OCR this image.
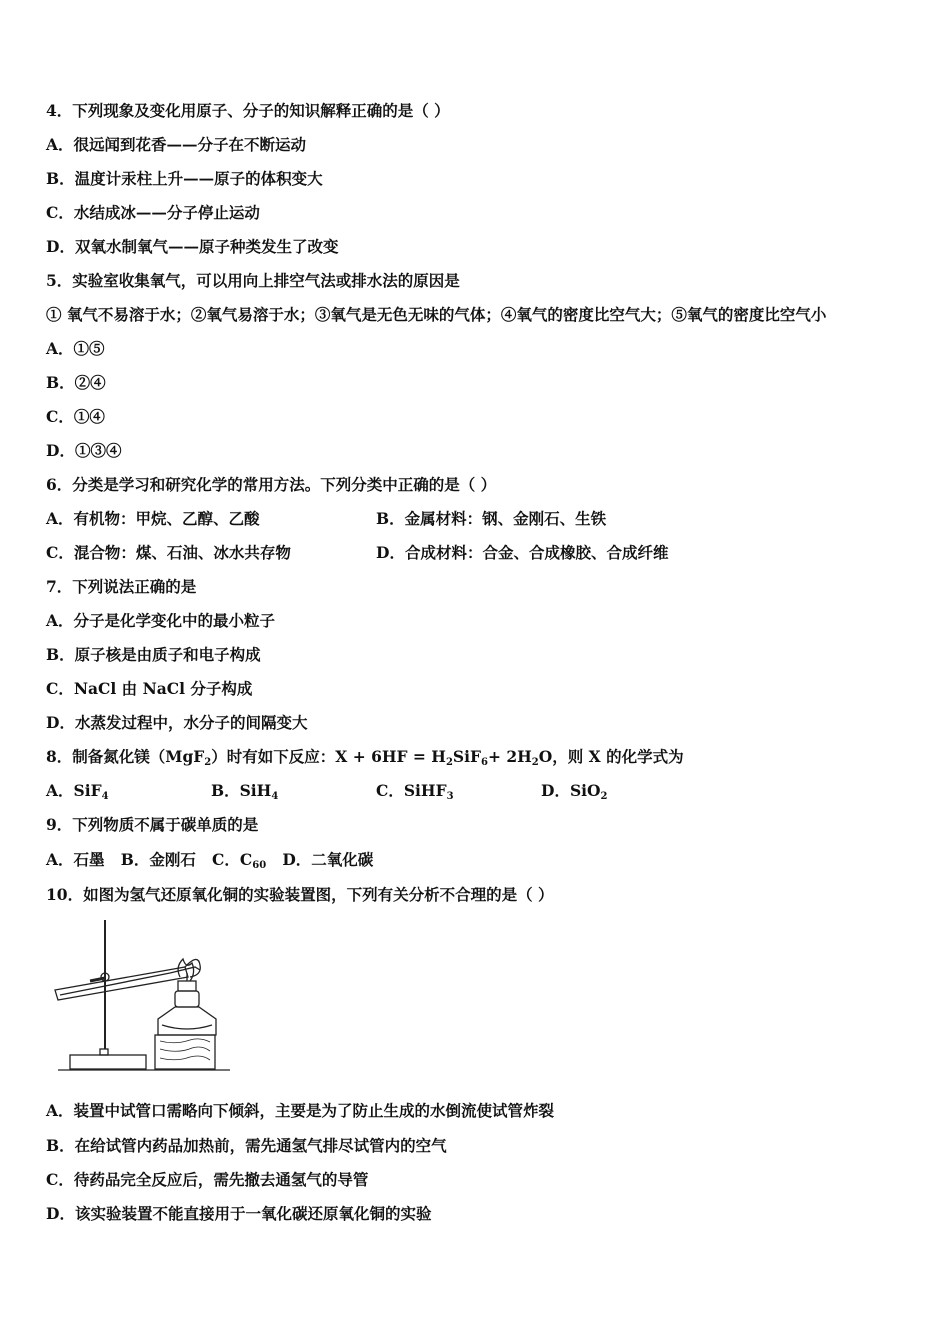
4．下列现象及变化用原子、分子的知识解释正确的是（ ）
A．很远闻到花香——分子在不断运动
B．温度计汞柱上升——原子的体积变大
C．水结成冰——分子停止运动
D．双氧水制氧气——原子种类发生了改变
5．实验室收集氧气，可以用向上排空气法或排水法的原因是
① 氧气不易溶于水；②氧气易溶于水；③氧气是无色无味的气体；④氧气的密度比空气大；⑤氧气的密度比空气小
A．①⑤
B．②④
C．①④
D．①③④
6．分类是学习和研究化学的常用方法。下列分类中正确的是（ ）
A．有机物：甲烷、乙醇、乙酸	B．金属材料：钢、金刚石、生铁
C．混合物：煤、石油、冰水共存物	D．合成材料：合金、合成橡胶、合成纤维
7．下列说法正确的是
A．分子是化学变化中的最小粒子
B．原子核是由质子和电子构成
C．NaCl 由 NaCl 分子构成
D．水蒸发过程中，水分子的间隔变大
8．制备氮化镁（MgF$_2$）时有如下反应：$X + 6HF = H_2SiF_6+ 2H_2O$，则 X 的化学式为
A．SiF$_4$	B．SiH$_4$	C．SiHF$_3$	D．SiO$_2$
9．下列物质不属于碳单质的是
A．石墨 B．金刚石 C．$C_{60}$ D．二氧化碳
10．如图为氢气还原氧化铜的实验装置图，下列有关分析不合理的是（ ）
A．装置中试管口需略向下倾斜，主要是为了防止生成的水倒流使试管炸裂
B．在给试管内药品加热前，需先通氢气排尽试管内的空气
C．待药品完全反应后，需先撤去通氢气的导管
D．该实验装置不能直接用于一氧化碳还原氧化铜的实验
